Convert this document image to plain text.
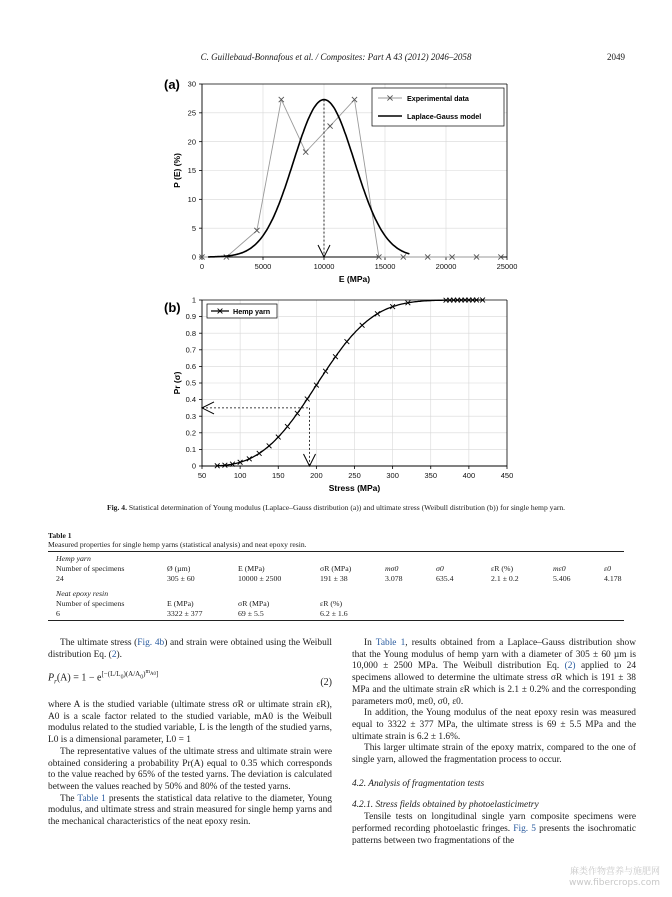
C. Guillebaud-Bonnafous et al. / Composites: Part A 43 (2012) 2046–2058	2049
(a)
0	5000	10000	15000	20000	25000
0
5
10
15
20
25
30
E (MPa)
P (E) (%)
Experimental data
Laplace-Gauss model
(b)
50	100	150	200	250	300	350	400	450
0
0.1
0.2
0.3
0.4
0.5
0.6
0.7
0.8
0.9
1
Stress (MPa)
Pr (σ)
Hemp yarn
Fig. 4. Statistical determination of Young modulus (Laplace–Gauss distribution (a)) and ultimate stress (Weibull distribution (b)) for single hemp yarn.
Table 1
Measured properties for single hemp yarns (statistical analysis) and neat epoxy resin.
Hemp yarn
Number of specimens	Ø (µm)	E (MPa)	σR (MPa)	mσ0	σ0	εR (%)	mε0	ε0
24	305 ± 60	10000 ± 2500	191 ± 38	3.078	635.4	2.1 ± 0.2	5.406	4.178
Neat epoxy resin
Number of specimens	E (MPa)	σR (MPa)	εR (%)
6	3322 ± 377	69 ± 5.5	6.2 ± 1.6

The ultimate stress (Fig. 4b) and strain were obtained using the Weibull distribution Eq. (2).

$P_r(A) = 1 - e[-(L/L0)(A/A0)mA0]$
(2)

where A is the studied variable (ultimate stress σR or ultimate strain εR), A0 is a scale factor related to the studied variable, mA0 is the Weibull modulus related to the studied variable, L is the length of the studied yarns, L0 is a dimensional parameter, L0 = 1

The representative values of the ultimate stress and ultimate strain were obtained considering a probability Pr(A) equal to 0.35 which corresponds to the value reached by 65% of the tested yarns. The deviation is calculated between the values reached by 50% and 80% of the tested yarns.

The Table 1 presents the statistical data relative to the diameter, Young modulus, and ultimate stress and strain measured for single hemp yarns and the mechanical characteristics of the neat epoxy resin.

In Table 1, results obtained from a Laplace–Gauss distribution show that the Young modulus of hemp yarn with a diameter of 305 ± 60 µm is 10,000 ± 2500 MPa. The Weibull distribution Eq. (2) applied to 24 specimens allowed to determine the ultimate stress σR which is 191 ± 38 MPa and the ultimate strain εR which is 2.1 ± 0.2% and the corresponding parameters mσ0, mε0, σ0, ε0.

In addition, the Young modulus of the neat epoxy resin was measured equal to 3322 ± 377 MPa, the ultimate stress is 69 ± 5.5 MPa and the ultimate strain is 6.2 ± 1.6%.

This larger ultimate strain of the epoxy matrix, compared to the one of single yarn, allowed the fragmentation process to occur.

4.2. Analysis of fragmentation tests

4.2.1. Stress fields obtained by photoelasticimetry

Tensile tests on longitudinal single yarn composite specimens were performed recording photoelastic fringes. Fig. 5 presents the isochromatic patterns between two fragmentations of the

麻类作物营养与施肥网
www.fibercrops.com
